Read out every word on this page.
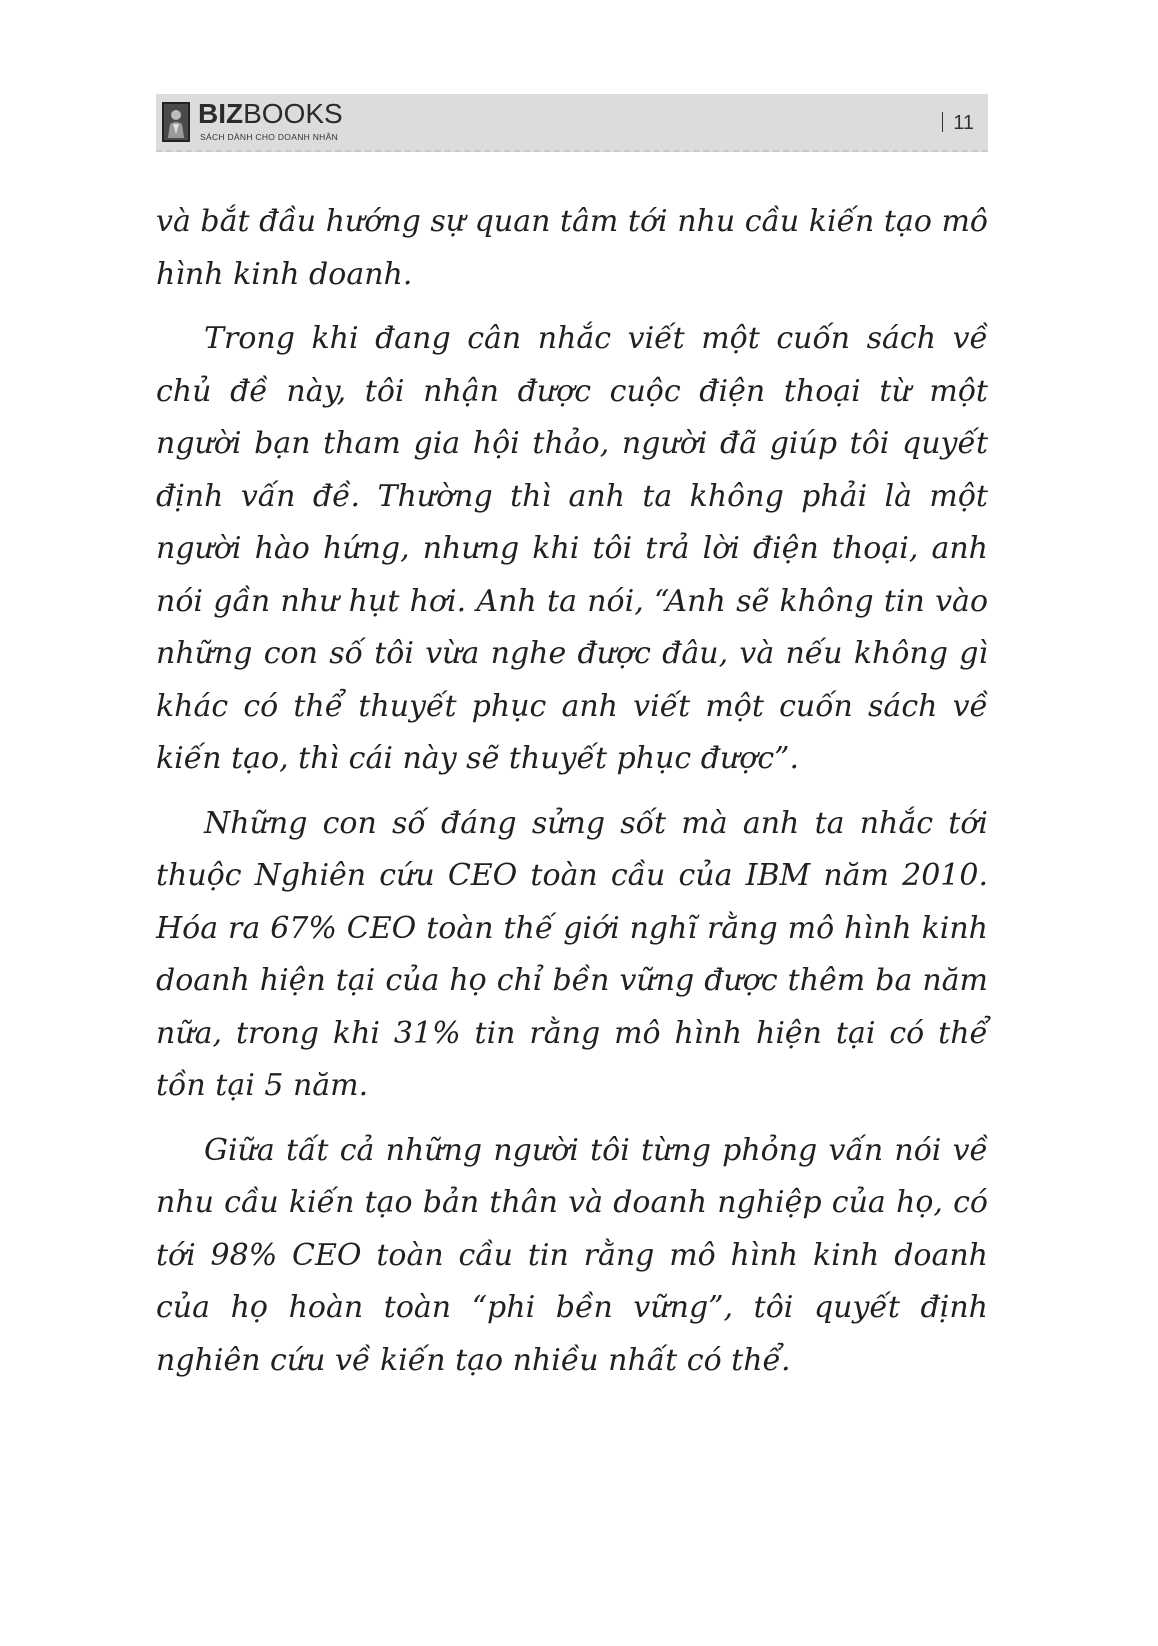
BIZBOOKS
SÁCH DÀNH CHO DOANH NHÂN
11

và bắt đầu hướng sự quan tâm tới nhu cầu kiến tạo mô hình kinh doanh.

Trong khi đang cân nhắc viết một cuốn sách về chủ đề này, tôi nhận được cuộc điện thoại từ một người bạn tham gia hội thảo, người đã giúp tôi quyết định vấn đề. Thường thì anh ta không phải là một người hào hứng, nhưng khi tôi trả lời điện thoại, anh nói gần như hụt hơi. Anh ta nói, “Anh sẽ không tin vào những con số tôi vừa nghe được đâu, và nếu không gì khác có thể thuyết phục anh viết một cuốn sách về kiến tạo, thì cái này sẽ thuyết phục được”.

Những con số đáng sửng sốt mà anh ta nhắc tới thuộc Nghiên cứu CEO toàn cầu của IBM năm 2010. Hóa ra 67% CEO toàn thế giới nghĩ rằng mô hình kinh doanh hiện tại của họ chỉ bền vững được thêm ba năm nữa, trong khi 31% tin rằng mô hình hiện tại có thể tồn tại 5 năm.

Giữa tất cả những người tôi từng phỏng vấn nói về nhu cầu kiến tạo bản thân và doanh nghiệp của họ, có tới 98% CEO toàn cầu tin rằng mô hình kinh doanh của họ hoàn toàn “phi bền vững”, tôi quyết định nghiên cứu về kiến tạo nhiều nhất có thể.
